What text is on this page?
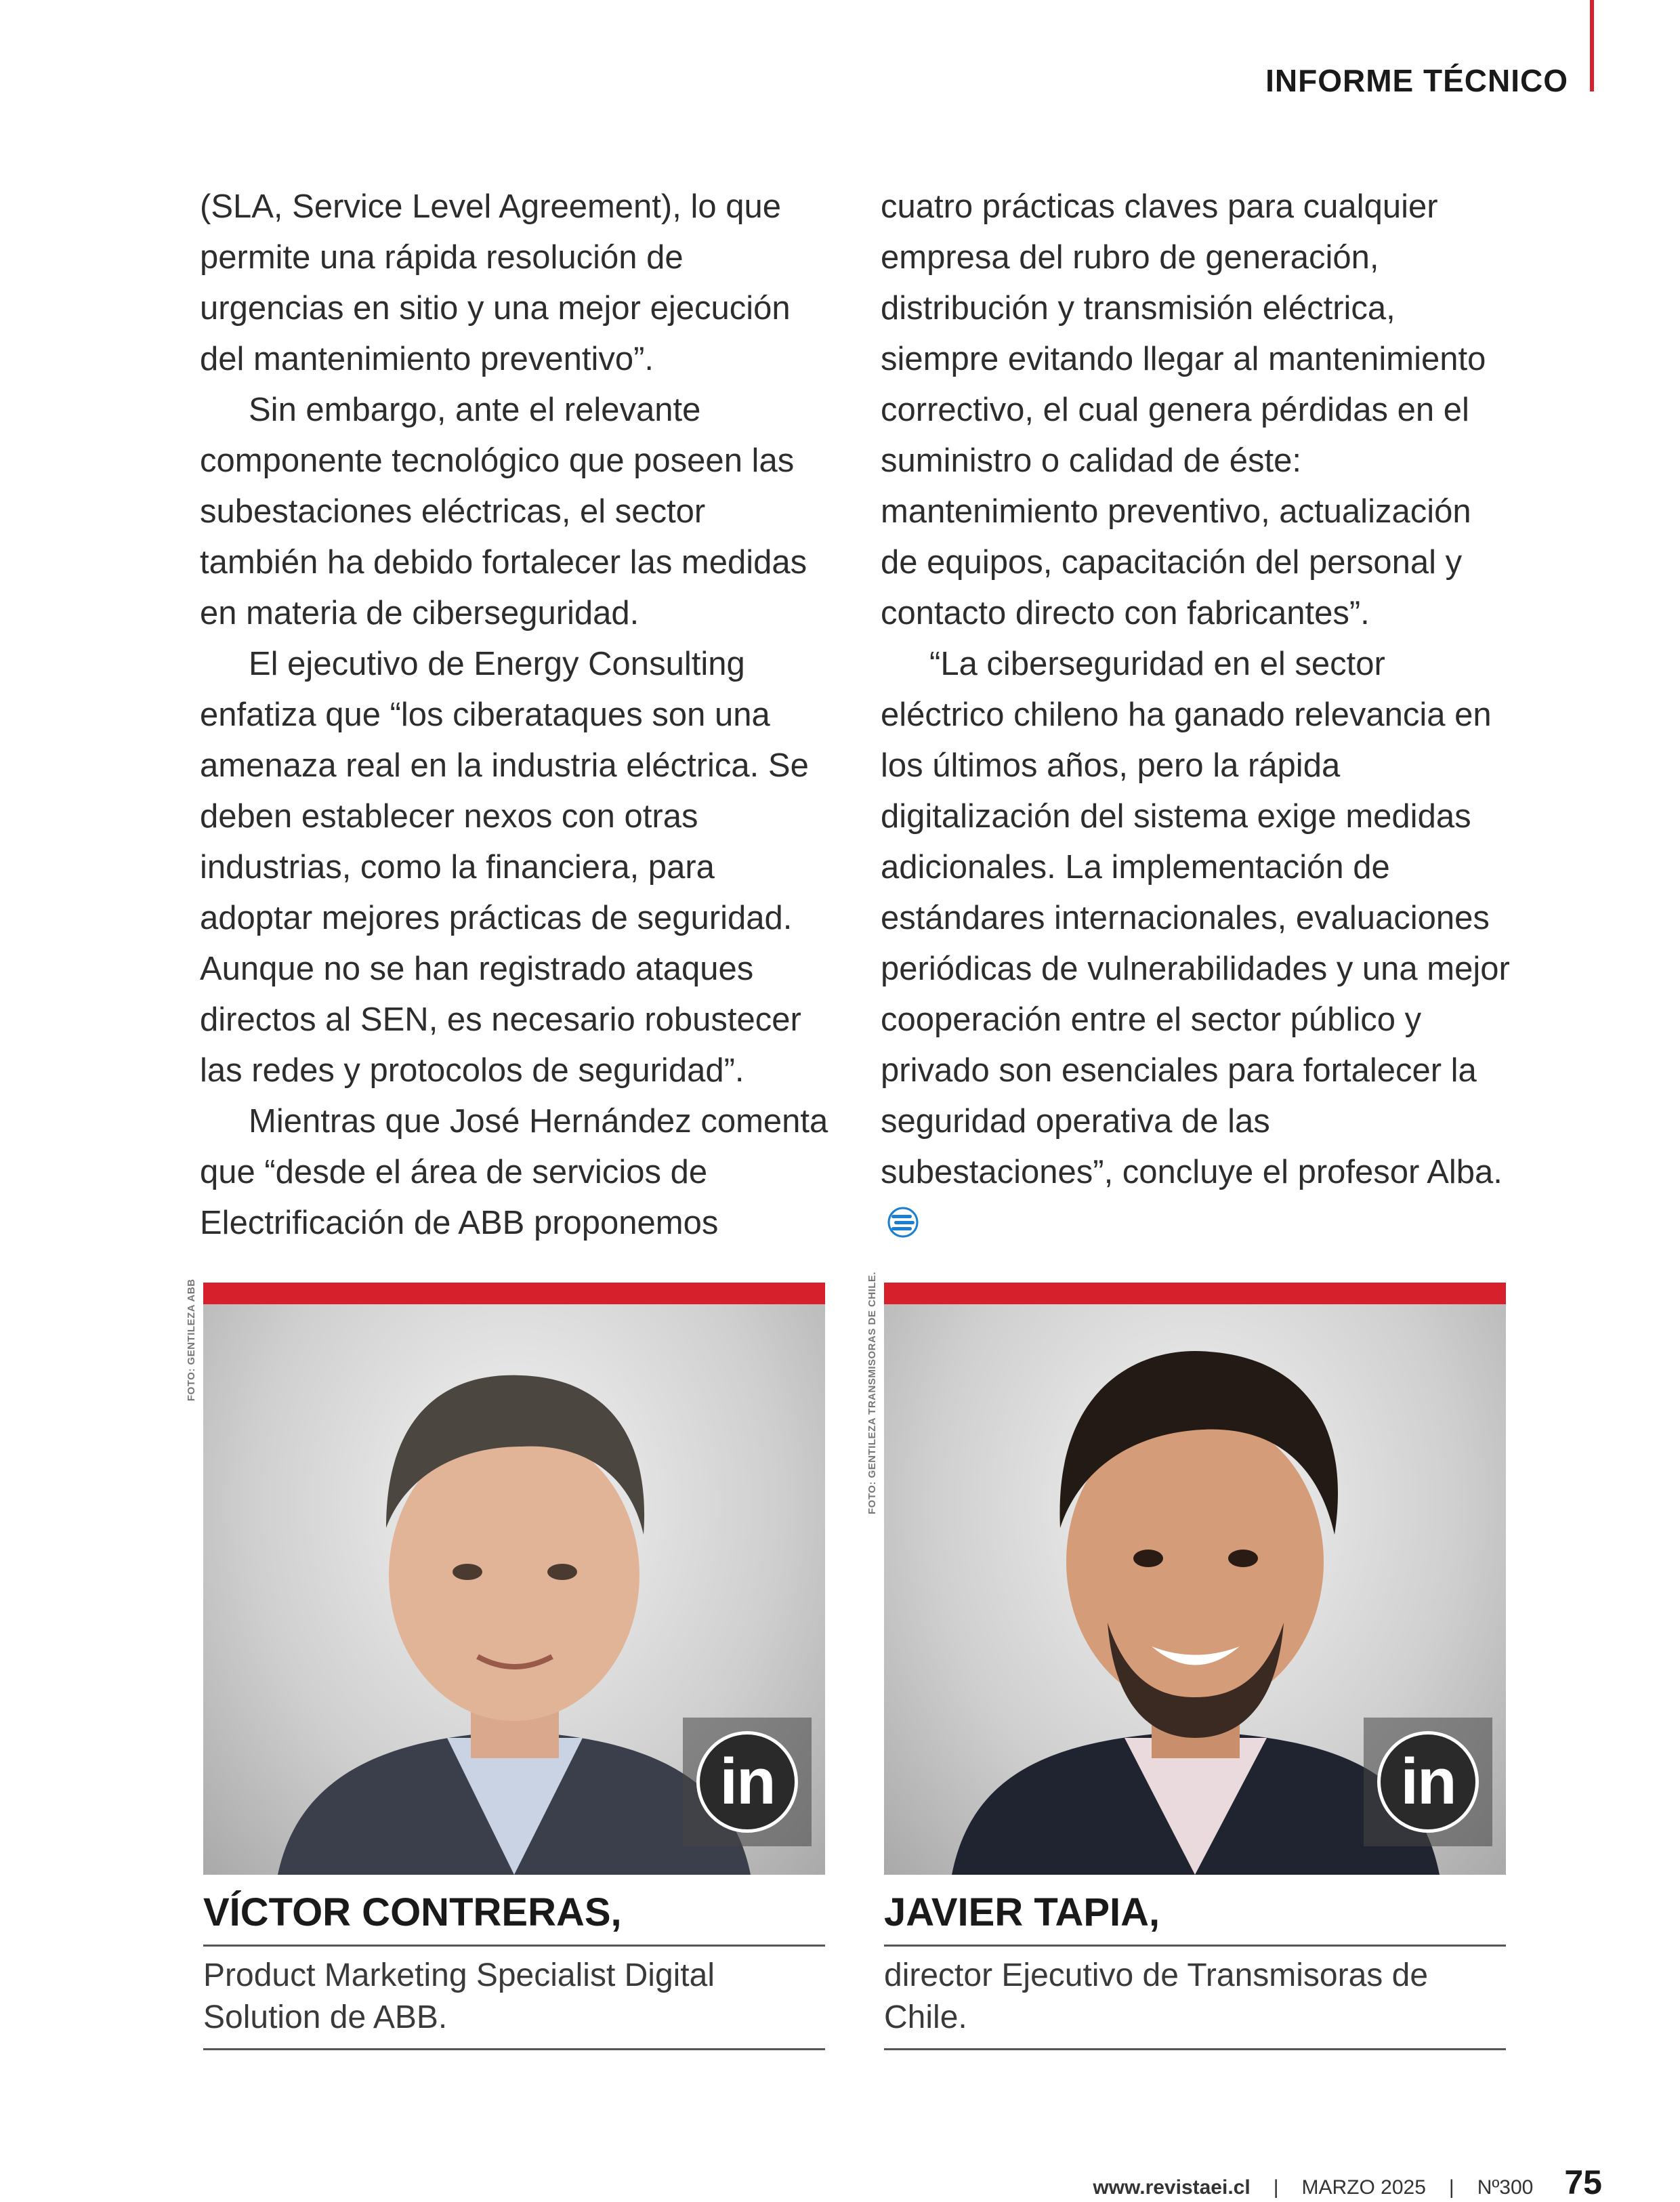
INFORME TÉCNICO

(SLA, Service Level Agreement), lo que permite una rápida resolución de urgencias en sitio y una mejor ejecución del mantenimiento preventivo”.

Sin embargo, ante el relevante componente tecnológico que poseen las subestaciones eléctricas, el sector también ha debido fortalecer las medidas en materia de ciberseguridad.

El ejecutivo de Energy Consulting enfatiza que “los ciberataques son una amenaza real en la industria eléctrica. Se deben establecer nexos con otras industrias, como la financiera, para adoptar mejores prácticas de seguridad. Aunque no se han registrado ataques directos al SEN, es necesario robustecer las redes y protocolos de seguridad”.

Mientras que José Hernández comenta que “desde el área de servicios de Electrificación de ABB proponemos

cuatro prácticas claves para cualquier empresa del rubro de generación, distribución y transmisión eléctrica, siempre evitando llegar al mantenimiento correctivo, el cual genera pérdidas en el suministro o calidad de éste: mantenimiento preventivo, actualización de equipos, capacitación del personal y contacto directo con fabricantes”.

“La ciberseguridad en el sector eléctrico chileno ha ganado relevancia en los últimos años, pero la rápida digitalización del sistema exige medidas adicionales. La implementación de estándares internacionales, evaluaciones periódicas de vulnerabilidades y una mejor cooperación entre el sector público y privado son esenciales para fortalecer la seguridad operativa de las subestaciones”, concluye el profesor Alba.

FOTO: GENTILEZA ABB	FOTO: GENTILEZA TRANSMISORAS DE CHILE.
in
VÍCTOR CONTRERAS,
Product Marketing Specialist Digital Solution de ABB.
in
JAVIER TAPIA,
director Ejecutivo de Transmisoras de Chile.
www.revistaei.cl | MARZO 2025 | Nº300 75
